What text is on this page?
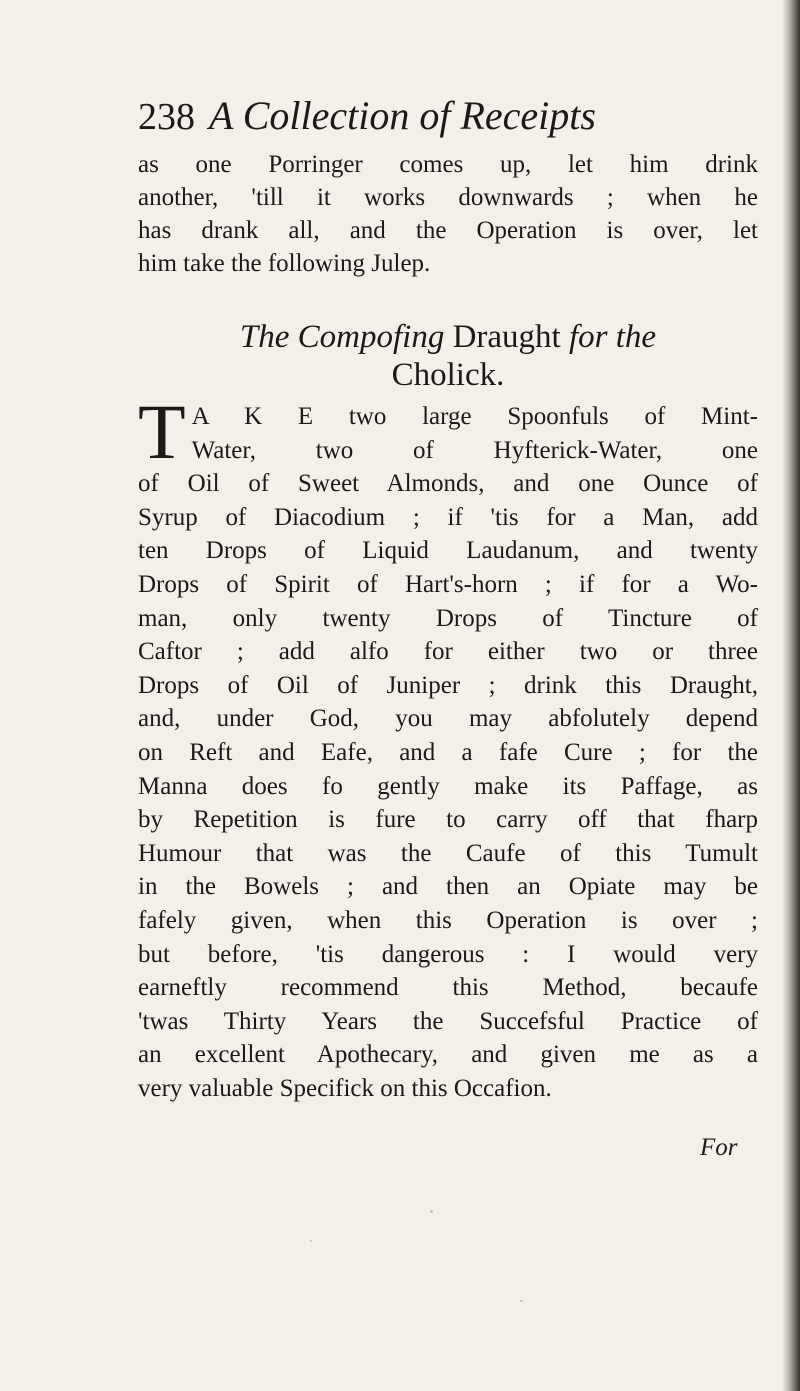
238 A Collection of Receipts
as one Porringer comes up, let him drink
another, 'till it works downwards ; when he
has drank all, and the Operation is over, let
him take the following Julep.
The Compofing Draught for the
Cholick.
T A K E two large Spoonfuls of Mint-
Water, two of Hyfterick-Water, one
of Oil of Sweet Almonds, and one Ounce of
Syrup of Diacodium ; if 'tis for a Man, add
ten Drops of Liquid Laudanum, and twenty
Drops of Spirit of Hart's-horn ; if for a Wo-
man, only twenty Drops of Tincture of
Caftor ; add alfo for either two or three
Drops of Oil of Juniper ; drink this Draught,
and, under God, you may abfolutely depend
on Reft and Eafe, and a fafe Cure ; for the
Manna does fo gently make its Paffage, as
by Repetition is fure to carry off that fharp
Humour that was the Caufe of this Tumult
in the Bowels ; and then an Opiate may be
fafely given, when this Operation is over ;
but before, 'tis dangerous : I would very
earneftly recommend this Method, becaufe
'twas Thirty Years the Succefsful Practice of
an excellent Apothecary, and given me as a
very valuable Specifick on this Occafion.
For
